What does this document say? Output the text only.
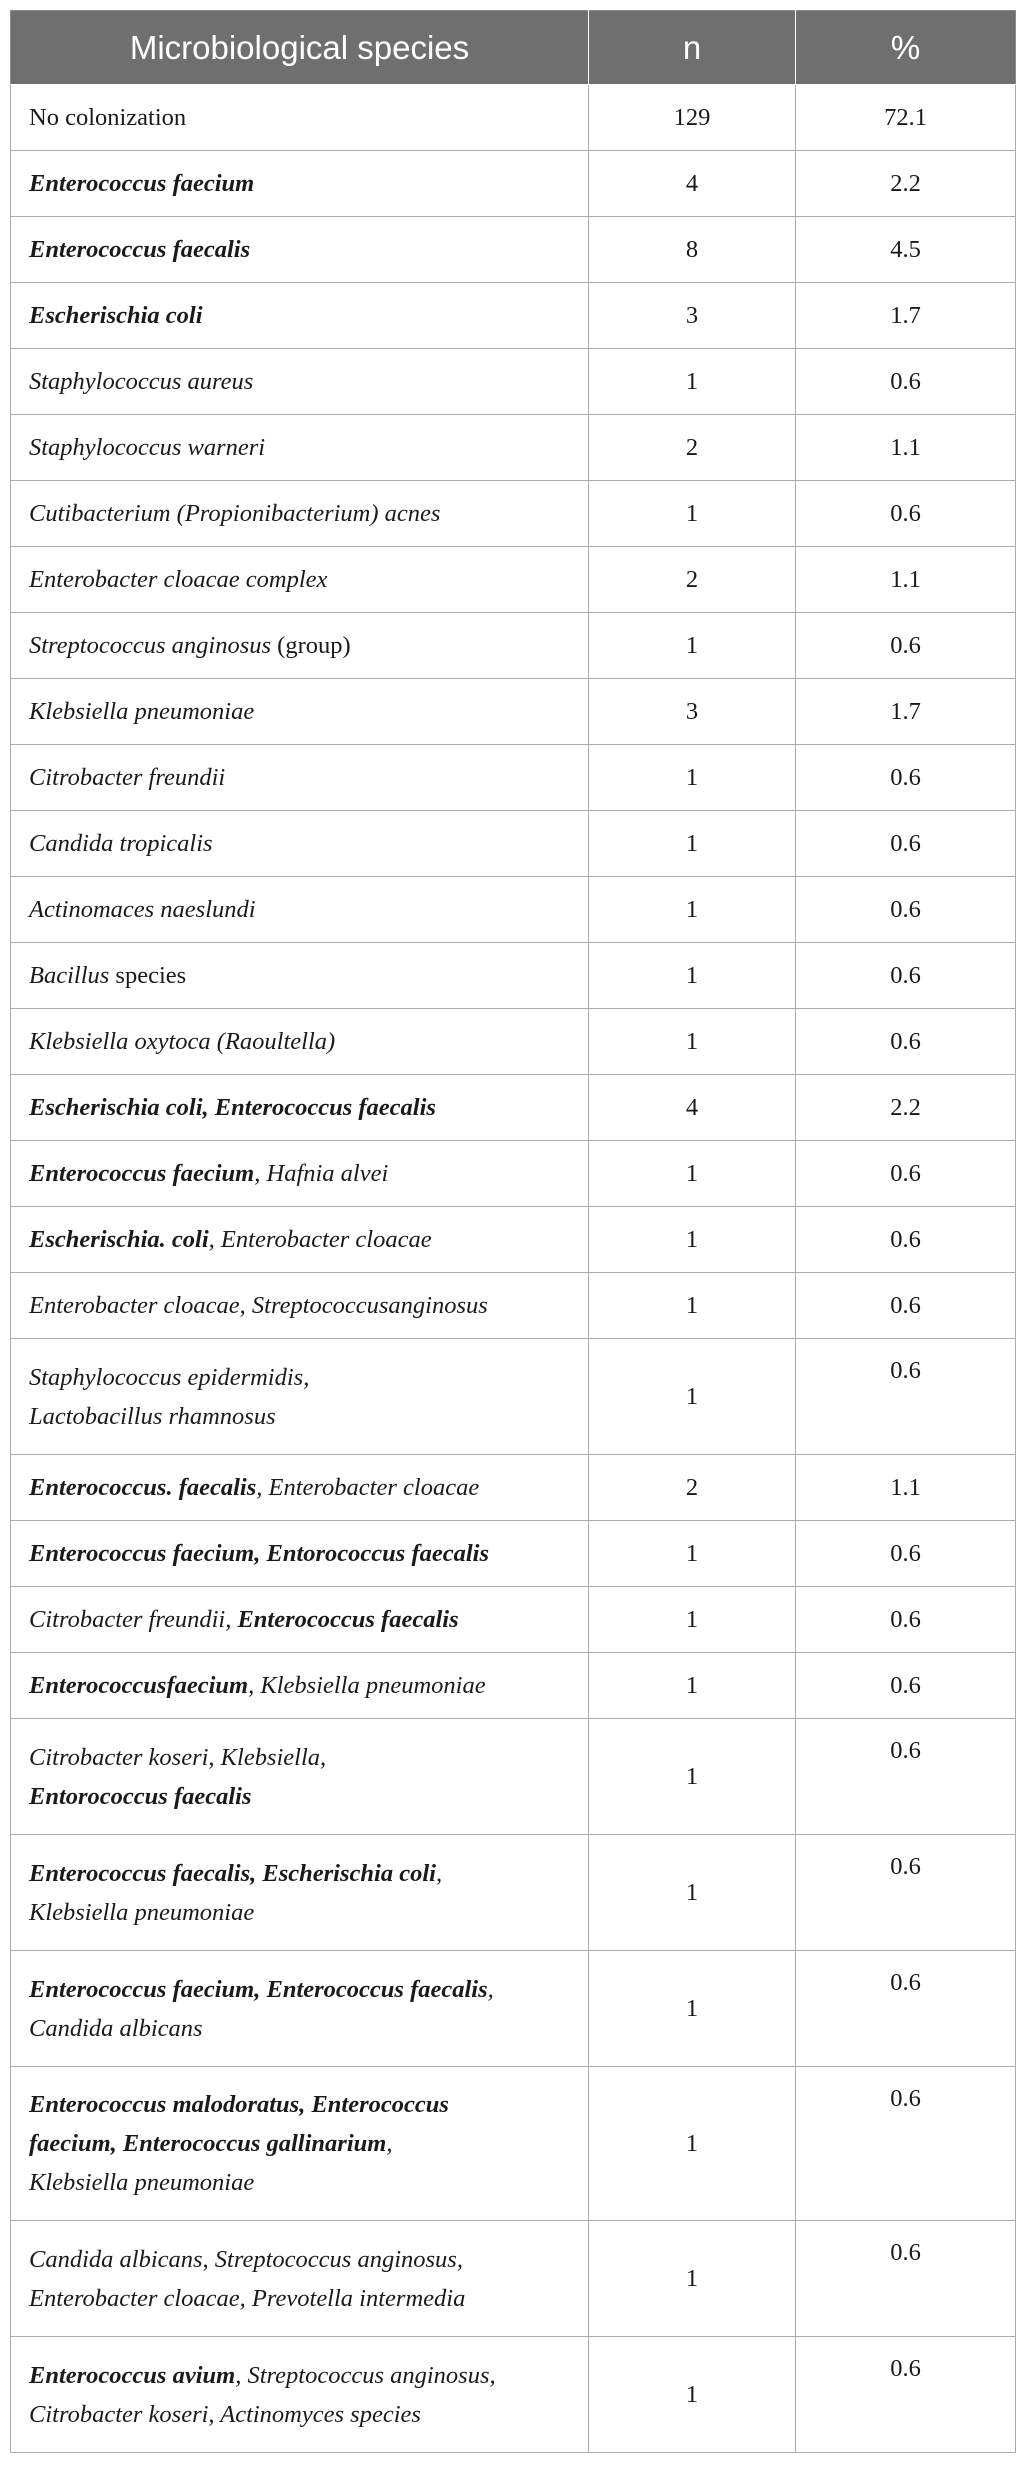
Microbiological species	n	%
No colonization	129	72.1
Enterococcus faecium	4	2.2
Enterococcus faecalis	8	4.5
Escherischia coli	3	1.7
Staphylococcus aureus	1	0.6
Staphylococcus warneri	2	1.1
Cutibacterium (Propionibacterium) acnes	1	0.6
Enterobacter cloacae complex	2	1.1
Streptococcus anginosus (group)	1	0.6
Klebsiella pneumoniae	3	1.7
Citrobacter freundii	1	0.6
Candida tropicalis	1	0.6
Actinomaces naeslundi	1	0.6
Bacillus species	1	0.6
Klebsiella oxytoca (Raoultella)	1	0.6
Escherischia coli, Enterococcus faecalis	4	2.2
Enterococcus faecium, Hafnia alvei	1	0.6
Escherischia. coli, Enterobacter cloacae	1	0.6
Enterobacter cloacae, Streptococcusanginosus	1	0.6
Staphylococcus epidermidis,
Lactobacillus rhamnosus	1	0.6
Enterococcus. faecalis, Enterobacter cloacae	2	1.1
Enterococcus faecium, Entorococcus faecalis	1	0.6
Citrobacter freundii, Enterococcus faecalis	1	0.6
Enterococcusfaecium, Klebsiella pneumoniae	1	0.6
Citrobacter koseri, Klebsiella,
Entorococcus faecalis	1	0.6
Enterococcus faecalis, Escherischia coli,
Klebsiella pneumoniae	1	0.6
Enterococcus faecium, Enterococcus faecalis,
Candida albicans	1	0.6
Enterococcus malodoratus, Enterococcus
faecium, Enterococcus gallinarium,
Klebsiella pneumoniae	1	0.6
Candida albicans, Streptococcus anginosus,
Enterobacter cloacae, Prevotella intermedia	1	0.6
Enterococcus avium, Streptococcus anginosus,
Citrobacter koseri, Actinomyces species	1	0.6
